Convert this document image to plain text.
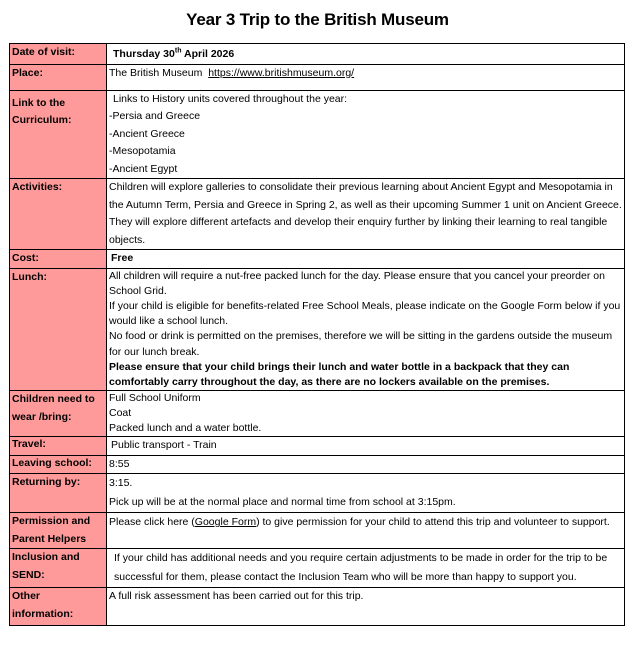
Year 3 Trip to the British Museum
Date of visit:	Thursday 30th April 2026
Place:	The British Museum  https://www.britishmuseum.org/
Link to the Curriculum:	Links to History units covered throughout the year:
-Persia and Greece
-Ancient Greece
-Mesopotamia
-Ancient Egypt

Activities:	Children will explore galleries to consolidate their previous learning about Ancient Egypt and Mesopotamia in the Autumn Term, Persia and Greece in Spring 2, as well as their upcoming Summer 1 unit on Ancient Greece.
They will explore different artefacts and develop their enquiry further by linking their learning to real tangible objects.

Cost:	Free
Lunch:	All children will require a nut-free packed lunch for the day. Please ensure that you cancel your preorder on School Grid.
If your child is eligible for benefits-related Free School Meals, please indicate on the Google Form below if you would like a school lunch.
No food or drink is permitted on the premises, therefore we will be sitting in the gardens outside the museum for our lunch break.
Please ensure that your child brings their lunch and water bottle in a backpack that they can comfortably carry throughout the day, as there are no lockers available on the premises.

Children need to wear /bring:	Full School Uniform
Coat
Packed lunch and a water bottle.

Travel:	Public transport - Train
Leaving school:	8:55
Returning by:	3:15.
Pick up will be at the normal place and normal time from school at 3:15pm.

Permission and Parent Helpers	Please click here (Google Form) to give permission for your child to attend this trip and volunteer to support.
Inclusion and SEND:	If your child has additional needs and you require certain adjustments to be made in order for the trip to be successful for them, please contact the Inclusion Team who will be more than happy to support you.
Other information:	A full risk assessment has been carried out for this trip.
